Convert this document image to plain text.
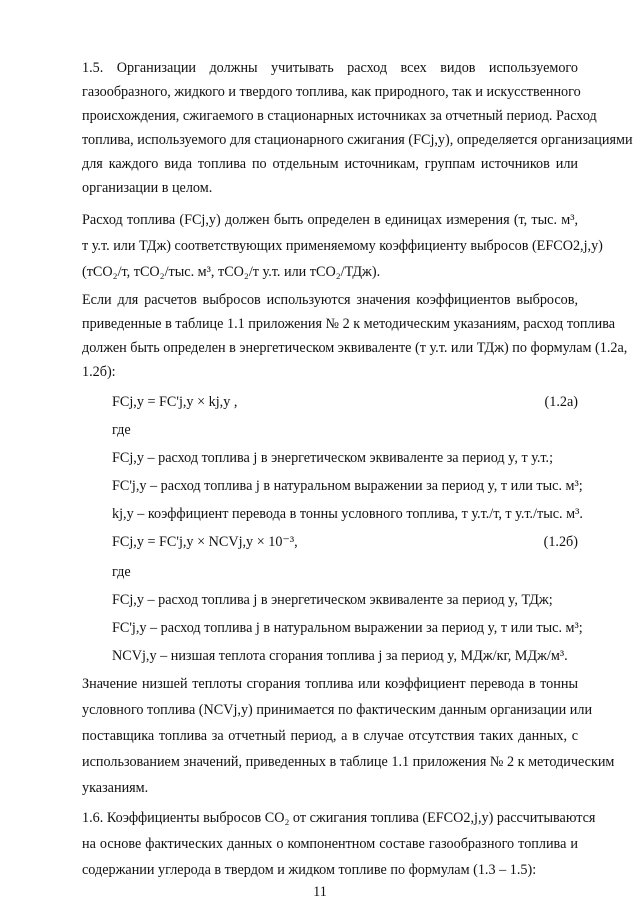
1.5. Организации должны учитывать расход всех видов используемого
газообразного, жидкого и твердого топлива, как природного, так и искусственного
происхождения, сжигаемого в стационарных источниках за отчетный период. Расход
топлива, используемого для стационарного сжигания (FCj,y), определяется организациями
для каждого вида топлива по отдельным источникам, группам источников или
организации в целом.
Расход топлива (FCj,y) должен быть определен в единицах измерения (т, тыс. м³,
т у.т. или ТДж) соответствующих применяемому коэффициенту выбросов (EFCO2,j,y)
(тCO₂/т, тCO₂/тыс. м³, тCO₂/т у.т. или тCO₂/ТДж).
Если для расчетов выбросов используются значения коэффициентов выбросов,
приведенные в таблице 1.1 приложения № 2 к методическим указаниям, расход топлива
должен быть определен в энергетическом эквиваленте (т у.т. или ТДж) по формулам (1.2а,
1.2б):
FCj,y = FC'j,y × kj,y ,	(1.2а)
где
FCj,y – расход топлива j в энергетическом эквиваленте за период y, т у.т.;
FC'j,y – расход топлива j в натуральном выражении за период y, т или тыс. м³;
kj,y – коэффициент перевода в тонны условного топлива, т у.т./т, т у.т./тыс. м³.
FCj,y = FC'j,y × NCVj,y × 10⁻³,	(1.2б)
где
FCj,y – расход топлива j в энергетическом эквиваленте за период y, ТДж;
FC'j,y – расход топлива j в натуральном выражении за период y, т или тыс. м³;
NCVj,y – низшая теплота сгорания топлива j за период y, МДж/кг, МДж/м³.
Значение низшей теплоты сгорания топлива или коэффициент перевода в тонны
условного топлива (NCVj,y) принимается по фактическим данным организации или
поставщика топлива за отчетный период, а в случае отсутствия таких данных, с
использованием значений, приведенных в таблице 1.1 приложения № 2 к методическим
указаниям.
1.6. Коэффициенты выбросов CO₂ от сжигания топлива (EFCO2,j,y) рассчитываются
на основе фактических данных о компонентном составе газообразного топлива и
содержании углерода в твердом и жидком топливе по формулам (1.3 – 1.5):
11
